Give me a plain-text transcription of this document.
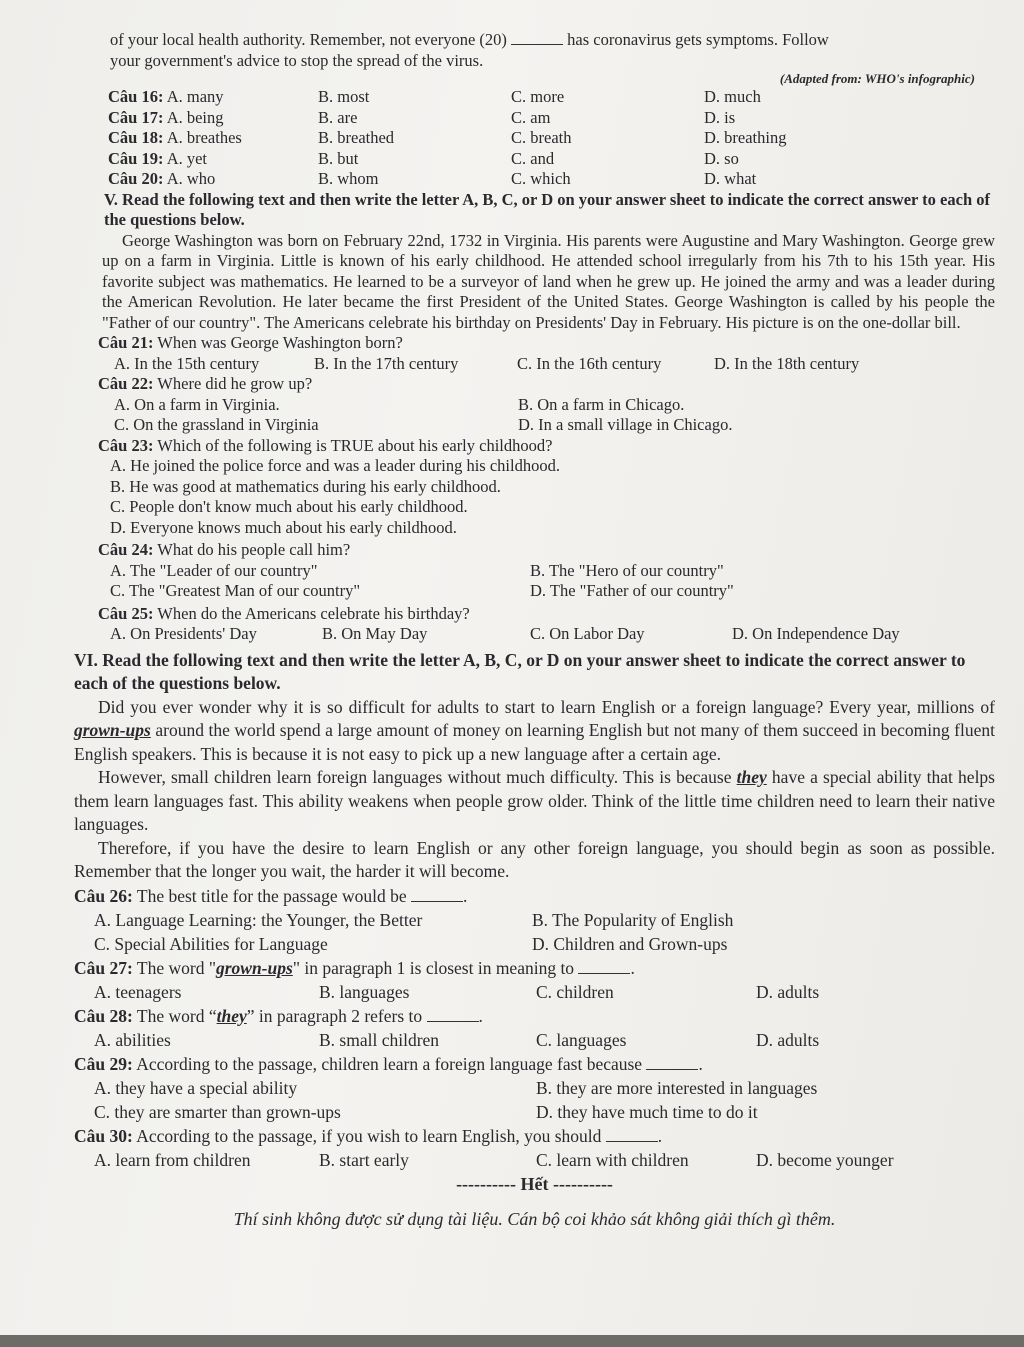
of your local health authority. Remember, not everyone (20)	has coronavirus gets symptoms. Follow
your government's advice to stop the spread of the virus.
(Adapted from: WHO's infographic)
Câu 16: A. many	B. most	C. more	D. much
Câu 17: A. being	B. are	C. am	D. is
Câu 18: A. breathes	B. breathed	C. breath	D. breathing
Câu 19: A. yet	B. but	C. and	D. so
Câu 20: A. who	B. whom	C. which	D. what
V. Read the following text and then write the letter A, B, C, or D on your answer sheet to indicate the correct answer to each of the questions below.
George Washington was born on February 22nd, 1732 in Virginia. His parents were Augustine and Mary Washington. George grew up on a farm in Virginia. Little is known of his early childhood. He attended school irregularly from his 7th to his 15th year. His favorite subject was mathematics. He learned to be a surveyor of land when he grew up. He joined the army and was a leader during the American Revolution. He later became the first President of the United States. George Washington is called by his people the "Father of our country". The Americans celebrate his birthday on Presidents' Day in February. His picture is on the one-dollar bill.
Câu 21: When was George Washington born?
A. In the 15th century	B. In the 17th century	C. In the 16th century	D. In the 18th century
Câu 22: Where did he grow up?
A. On a farm in Virginia.	B. On a farm in Chicago.
C. On the grassland in Virginia	D. In a small village in Chicago.
Câu 23: Which of the following is TRUE about his early childhood?
A. He joined the police force and was a leader during his childhood.
B. He was good at mathematics during his early childhood.
C. People don't know much about his early childhood.
D. Everyone knows much about his early childhood.
Câu 24: What do his people call him?
A. The "Leader of our country"	B. The "Hero of our country"
C. The "Greatest Man of our country"	D. The "Father of our country"
Câu 25: When do the Americans celebrate his birthday?
A. On Presidents' Day	B. On May Day	C. On Labor Day	D. On Independence Day
VI. Read the following text and then write the letter A, B, C, or D on your answer sheet to indicate the correct answer to each of the questions below.
Did you ever wonder why it is so difficult for adults to start to learn English or a foreign language? Every year, millions of grown-ups around the world spend a large amount of money on learning English but not many of them succeed in becoming fluent English speakers. This is because it is not easy to pick up a new language after a certain age.
However, small children learn foreign languages without much difficulty. This is because they have a special ability that helps them learn languages fast. This ability weakens when people grow older. Think of the little time children need to learn their native languages.
Therefore, if you have the desire to learn English or any other foreign language, you should begin as soon as possible. Remember that the longer you wait, the harder it will become.
Câu 26: The best title for the passage would be	.
A. Language Learning: the Younger, the Better	B. The Popularity of English
C. Special Abilities for Language	D. Children and Grown-ups
Câu 27: The word "grown-ups" in paragraph 1 is closest in meaning to	.
A. teenagers	B. languages	C. children	D. adults
Câu 28: The word “they” in paragraph 2 refers to	.
A. abilities	B. small children	C. languages	D. adults
Câu 29: According to the passage, children learn a foreign language fast because	.
A. they have a special ability	B. they are more interested in languages
C. they are smarter than grown-ups	D. they have much time to do it
Câu 30: According to the passage, if you wish to learn English, you should	.
A. learn from children	B. start early	C. learn with children	D. become younger
---------- Hết ----------
Thí sinh không được sử dụng tài liệu. Cán bộ coi khảo sát không giải thích gì thêm.
